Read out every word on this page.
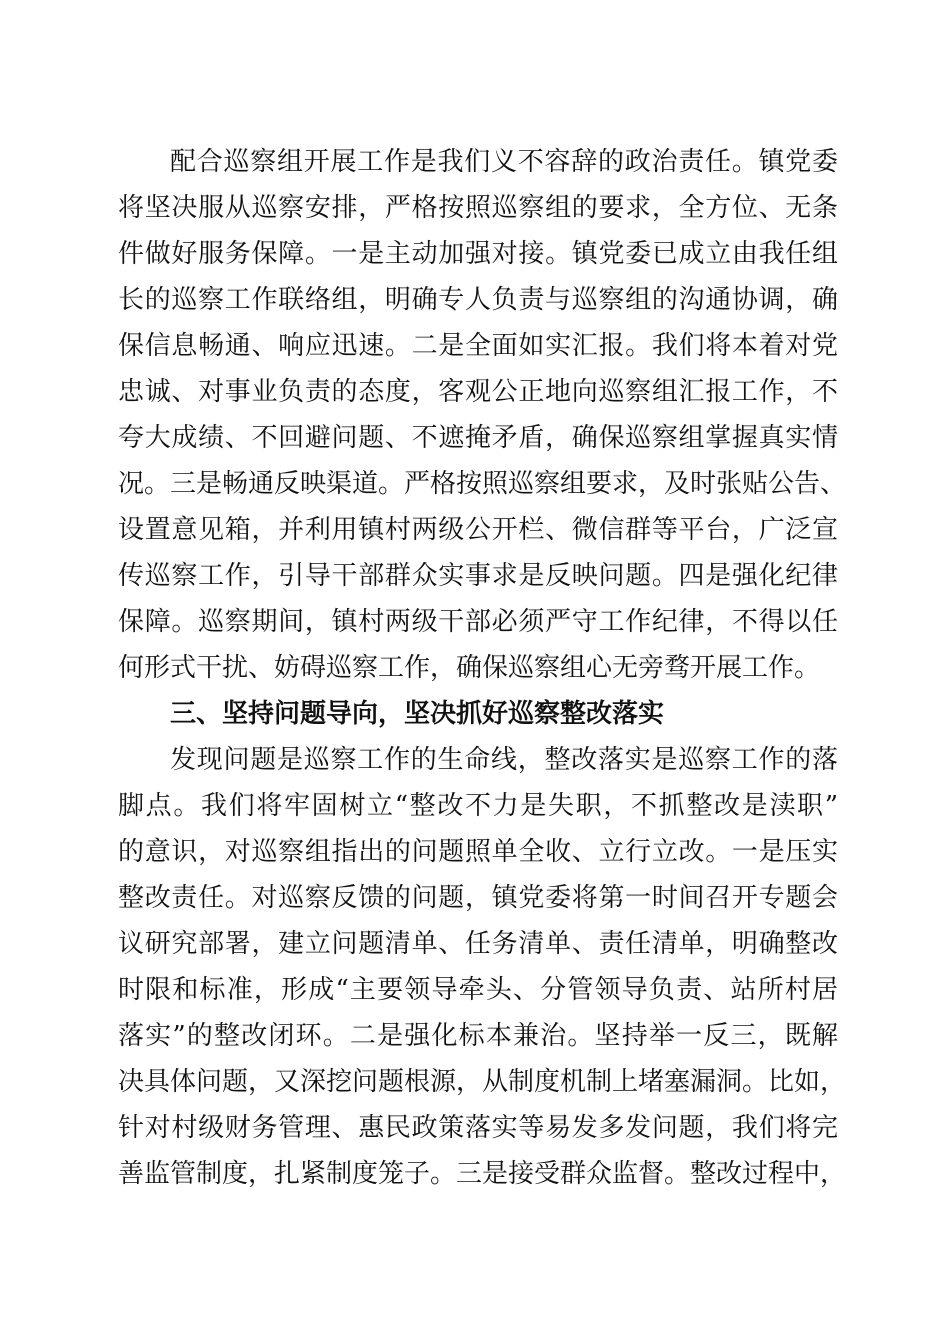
配合巡察组开展工作是我们义不容辞的政治责任。镇党委
将坚决服从巡察安排，严格按照巡察组的要求，全方位、无条
件做好服务保障。一是主动加强对接。镇党委已成立由我任组
长的巡察工作联络组，明确专人负责与巡察组的沟通协调，确
保信息畅通、响应迅速。二是全面如实汇报。我们将本着对党
忠诚、对事业负责的态度，客观公正地向巡察组汇报工作，不
夸大成绩、不回避问题、不遮掩矛盾，确保巡察组掌握真实情
况。三是畅通反映渠道。严格按照巡察组要求，及时张贴公告、
设置意见箱，并利用镇村两级公开栏、微信群等平台，广泛宣
传巡察工作，引导干部群众实事求是反映问题。四是强化纪律
保障。巡察期间，镇村两级干部必须严守工作纪律，不得以任
何形式干扰、妨碍巡察工作，确保巡察组心无旁骛开展工作。
三、坚持问题导向，坚决抓好巡察整改落实
发现问题是巡察工作的生命线，整改落实是巡察工作的落
脚点。我们将牢固树立“整改不力是失职，不抓整改是渎职”
的意识，对巡察组指出的问题照单全收、立行立改。一是压实
整改责任。对巡察反馈的问题，镇党委将第一时间召开专题会
议研究部署，建立问题清单、任务清单、责任清单，明确整改
时限和标准，形成“主要领导牵头、分管领导负责、站所村居
落实”的整改闭环。二是强化标本兼治。坚持举一反三，既解
决具体问题，又深挖问题根源，从制度机制上堵塞漏洞。比如，
针对村级财务管理、惠民政策落实等易发多发问题，我们将完
善监管制度，扎紧制度笼子。三是接受群众监督。整改过程中，
